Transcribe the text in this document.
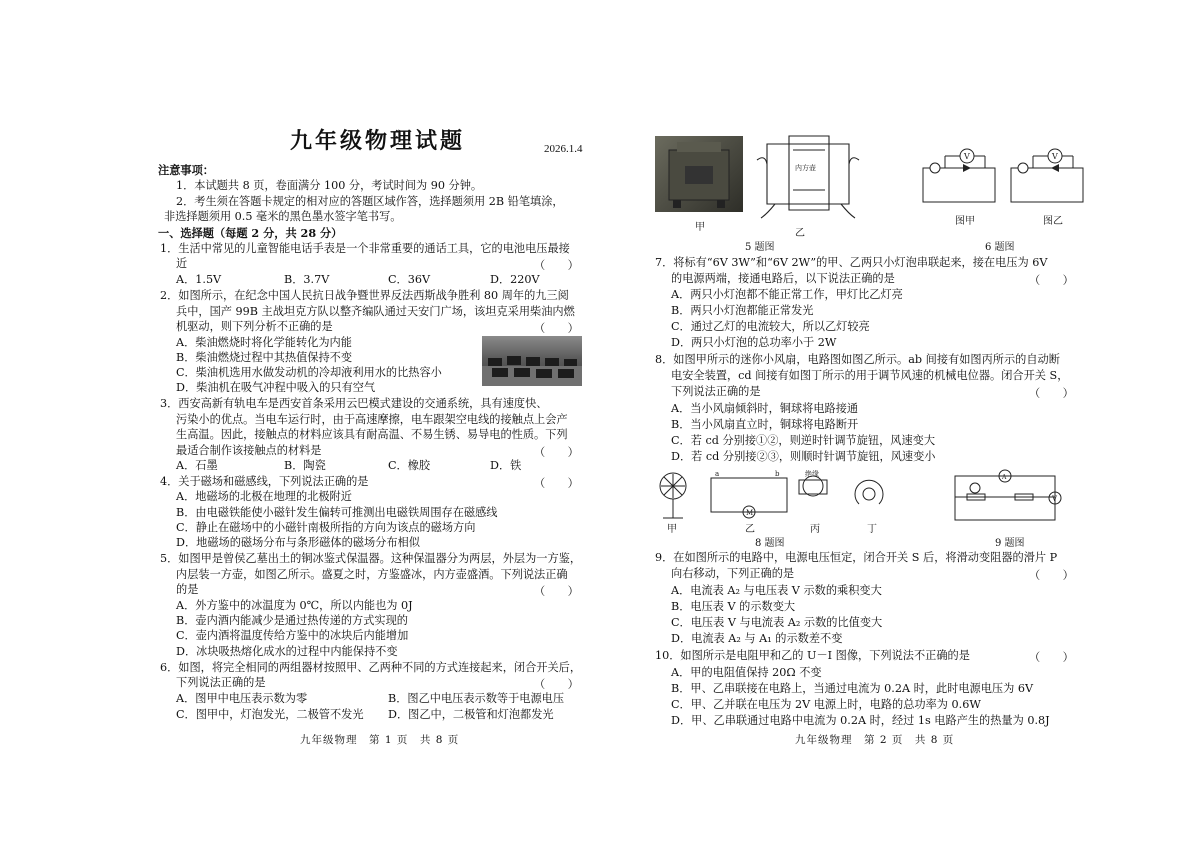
九年级物理试题	2026.1.4
注意事项：
1．本试题共 8 页，卷面满分 100 分，考试时间为 90 分钟。
2．考生须在答题卡规定的相对应的答题区域作答，选择题须用 2B 铅笔填涂，
非选择题须用 0.5 毫米的黑色墨水签字笔书写。
一、选择题（每题 2 分，共 28 分）
1．生活中常见的儿童智能电话手表是一个非常重要的通话工具，它的电池电压最接
近	（　　）
A．1.5V	B．3.7V	C．36V	D．220V
2．如图所示，在纪念中国人民抗日战争暨世界反法西斯战争胜利 80 周年的九三阅
兵中，国产 99B 主战坦克方队以整齐编队通过天安门广场，该坦克采用柴油内燃
机驱动，则下列分析不正确的是	（　　）
A．柴油燃烧时将化学能转化为内能
B．柴油燃烧过程中其热值保持不变
C．柴油机选用水做发动机的冷却液利用水的比热容小
D．柴油机在吸气冲程中吸入的只有空气
3．西安高新有轨电车是西安首条采用云巴模式建设的交通系统，具有速度快、
污染小的优点。当电车运行时，由于高速摩擦，电车跟架空电线的接触点上会产
生高温。因此，接触点的材料应该具有耐高温、不易生锈、易导电的性质。下列
最适合制作该接触点的材料是	（　　）
A．石墨	B．陶瓷	C．橡胶	D．铁
4．关于磁场和磁感线，下列说法正确的是	（　　）
A．地磁场的北极在地理的北极附近
B．由电磁铁能使小磁针发生偏转可推测出电磁铁周围存在磁感线
C．静止在磁场中的小磁针南极所指的方向为该点的磁场方向
D．地磁场的磁场分布与条形磁体的磁场分布相似
5．如图甲是曾侯乙墓出土的铜冰鉴式保温器。这种保温器分为两层，外层为一方鉴，
内层装一方壶，如图乙所示。盛夏之时，方鉴盛冰，内方壶盛酒。下列说法正确
的是	（　　）
A．外方鉴中的冰温度为 0℃，所以内能也为 0J
B．壶内酒内能减少是通过热传递的方式实现的
C．壶内酒将温度传给方鉴中的冰块后内能增加
D．冰块吸热熔化成水的过程中内能保持不变
6．如图，将完全相同的两组器材按照甲、乙两种不同的方式连接起来，闭合开关后，
下列说法正确的是	（　　）
A．图甲中电压表示数为零	B．图乙中电压表示数等于电源电压
C．图甲中，灯泡发光，二极管不发光 D．图乙中，二极管和灯泡都发光
九年级物理　第 1 页　共 8 页
甲
内方壶
乙
5 题图
V	V
图甲	图乙
6 题图
7．将标有“6V 3W”和“6V 2W”的甲、乙两只小灯泡串联起来，接在电压为 6V
的电源两端，接通电路后，以下说法正确的是	（　　）
A．两只小灯泡都不能正常工作，甲灯比乙灯亮
B．两只小灯泡都能正常发光
C．通过乙灯的电流较大，所以乙灯较亮
D．两只小灯泡的总功率小于 2W
8．如图甲所示的迷你小风扇，电路图如图乙所示。ab 间接有如图丙所示的自动断
电安全装置，cd 间接有如图丁所示的用于调节风速的机械电位器。闭合开关 S，
下列说法正确的是	（　　）
A．当小风扇倾斜时，铜球将电路接通
B．当小风扇直立时，铜球将电路断开
C．若 cd 分别接①②，则逆时针调节旋钮，风速变大
D．若 cd 分别接②③，则顺时针调节旋钮，风速变小
M
a	b	绝缘
甲	乙	丙	丁
8 题图
A
V
9 题图
9．在如图所示的电路中，电源电压恒定，闭合开关 S 后，将滑动变阻器的滑片 P
向右移动，下列正确的是	（　　）
A．电流表 A₂ 与电压表 V 示数的乘积变大
B．电压表 V 的示数变大
C．电压表 V 与电流表 A₂ 示数的比值变大
D．电流表 A₂ 与 A₁ 的示数差不变
10．如图所示是电阻甲和乙的 U－I 图像，下列说法不正确的是	（　　）
A．甲的电阻值保持 20Ω 不变
B．甲、乙串联接在电路上，当通过电流为 0.2A 时，此时电源电压为 6V
C．甲、乙并联在电压为 2V 电源上时，电路的总功率为 0.6W
D．甲、乙串联通过电路中电流为 0.2A 时，经过 1s 电路产生的热量为 0.8J
九年级物理　第 2 页　共 8 页
